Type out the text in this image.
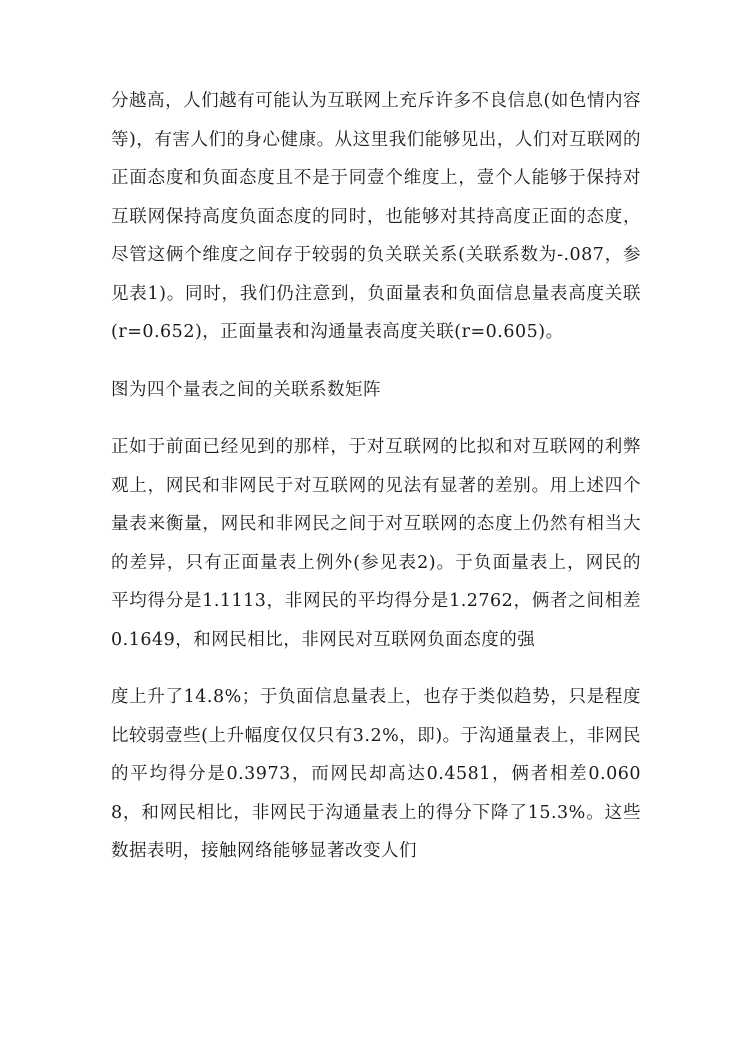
分越高，人们越有可能认为互联网上充斥许多不良信息(如色情内容等)，有害人们的身心健康。从这里我们能够见出，人们对互联网的正面态度和负面态度且不是于同壹个维度上，壹个人能够于保持对互联网保持高度负面态度的同时，也能够对其持高度正面的态度，尽管这俩个维度之间存于较弱的负关联关系(关联系数为-.087，参见表1)。同时，我们仍注意到，负面量表和负面信息量表高度关联(r=0.652)，正面量表和沟通量表高度关联(r=0.605)。

图为四个量表之间的关联系数矩阵

正如于前面已经见到的那样，于对互联网的比拟和对互联网的利弊观上，网民和非网民于对互联网的见法有显著的差别。用上述四个量表来衡量，网民和非网民之间于对互联网的态度上仍然有相当大的差异，只有正面量表上例外(参见表2)。于负面量表上，网民的平均得分是1.1113，非网民的平均得分是1.2762，俩者之间相差0.1649，和网民相比，非网民对互联网负面态度的强

度上升了14.8%；于负面信息量表上，也存于类似趋势，只是程度比较弱壹些(上升幅度仅仅只有3.2%，即)。于沟通量表上，非网民的平均得分是0.3973，而网民却高达0.4581，俩者相差0.0608，和网民相比，非网民于沟通量表上的得分下降了15.3%。这些数据表明，接触网络能够显著改变人们
